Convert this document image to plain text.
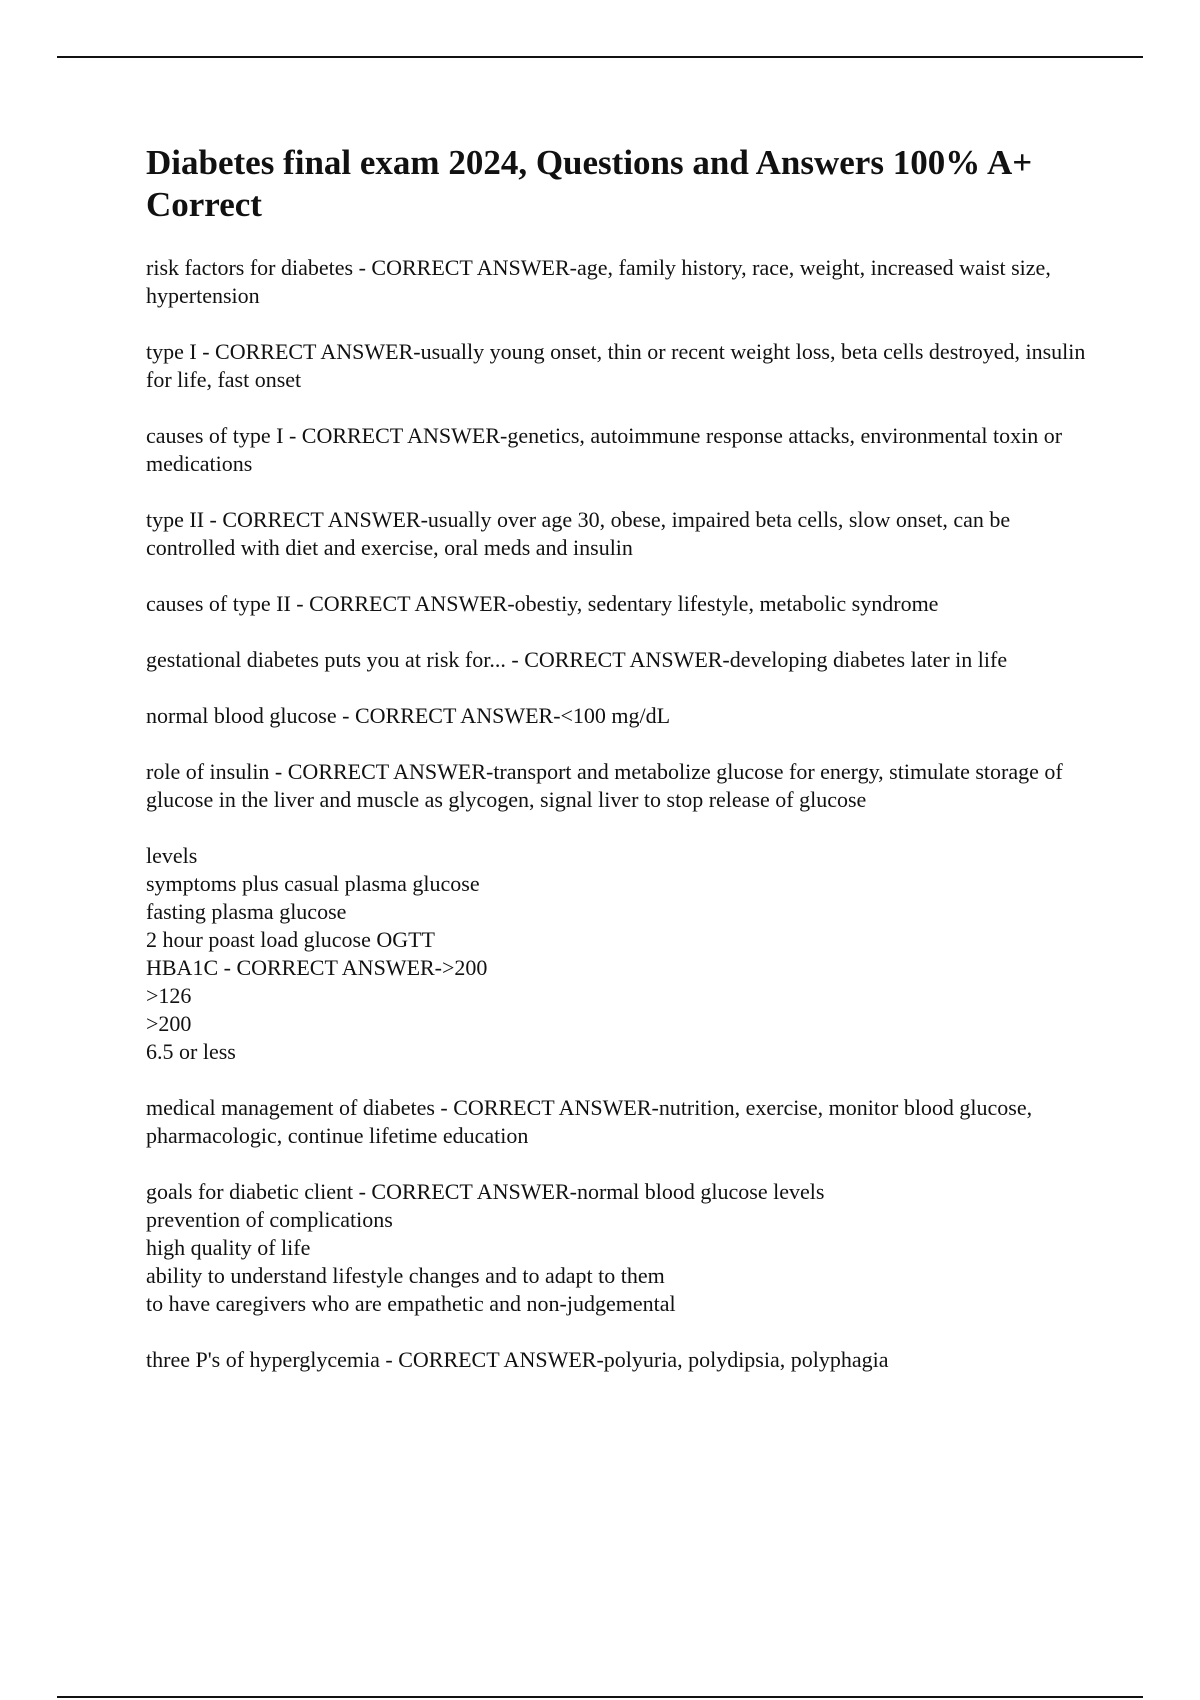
Diabetes final exam 2024, Questions and Answers 100% A+ Correct

risk factors for diabetes - CORRECT ANSWER-age, family history, race, weight, increased waist size, hypertension

type I - CORRECT ANSWER-usually young onset, thin or recent weight loss, beta cells destroyed, insulin for life, fast onset

causes of type I - CORRECT ANSWER-genetics, autoimmune response attacks, environmental toxin or medications

type II - CORRECT ANSWER-usually over age 30, obese, impaired beta cells, slow onset, can be controlled with diet and exercise, oral meds and insulin

causes of type II - CORRECT ANSWER-obestiy, sedentary lifestyle, metabolic syndrome

gestational diabetes puts you at risk for... - CORRECT ANSWER-developing diabetes later in life

normal blood glucose - CORRECT ANSWER-<100 mg/dL

role of insulin - CORRECT ANSWER-transport and metabolize glucose for energy, stimulate storage of glucose in the liver and muscle as glycogen, signal liver to stop release of glucose

levels
symptoms plus casual plasma glucose
fasting plasma glucose
2 hour poast load glucose OGTT
HBA1C - CORRECT ANSWER->200
>126
>200
6.5 or less

medical management of diabetes - CORRECT ANSWER-nutrition, exercise, monitor blood glucose, pharmacologic, continue lifetime education

goals for diabetic client - CORRECT ANSWER-normal blood glucose levels
prevention of complications
high quality of life
ability to understand lifestyle changes and to adapt to them
to have caregivers who are empathetic and non-judgemental

three P's of hyperglycemia - CORRECT ANSWER-polyuria, polydipsia, polyphagia
